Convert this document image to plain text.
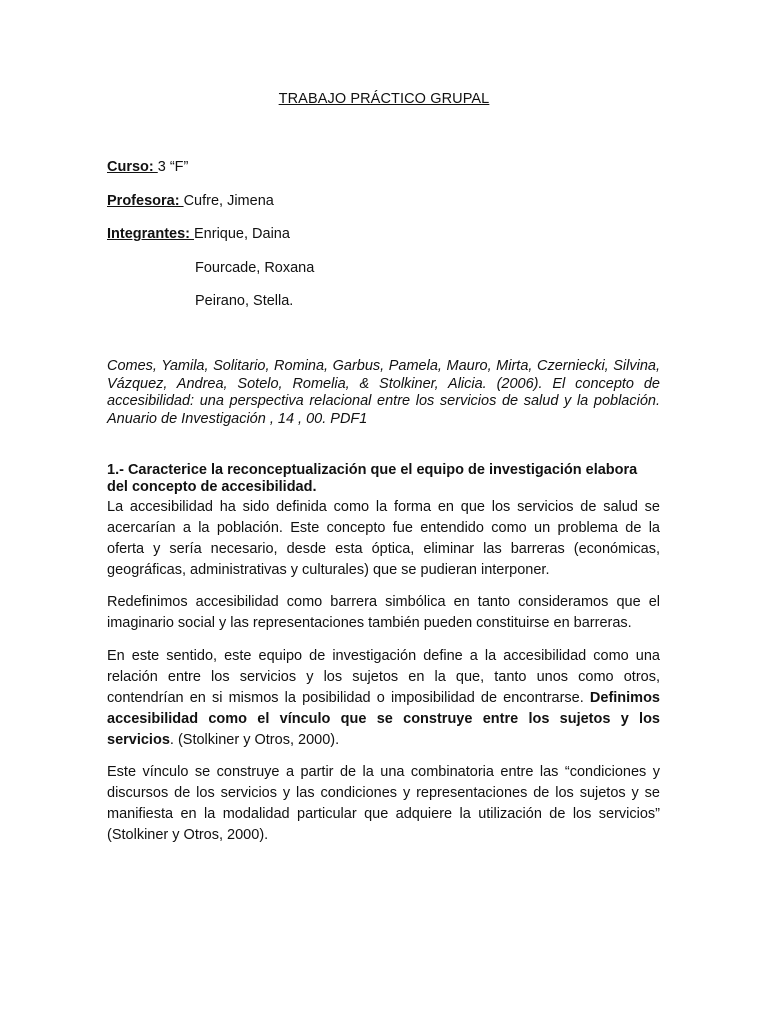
TRABAJO PRÁCTICO GRUPAL
Curso: 3 “F”
Profesora: Cufre, Jimena
Integrantes: Enrique, Daina
Fourcade, Roxana
Peirano, Stella.
Comes, Yamila, Solitario, Romina, Garbus, Pamela, Mauro, Mirta, Czerniecki, Silvina, Vázquez, Andrea, Sotelo, Romelia, & Stolkiner, Alicia. (2006). El concepto de accesibilidad: una perspectiva relacional entre los servicios de salud y la población. Anuario de Investigación , 14 , 00. PDF1
1.- Caracterice la reconceptualización que el equipo de investigación elabora del concepto de accesibilidad.

La accesibilidad ha sido definida como la forma en que los servicios de salud se acercarían a la población. Este concepto fue entendido como un problema de la oferta y sería necesario, desde esta óptica, eliminar las barreras (económicas, geográficas, administrativas y culturales) que se pudieran interponer.

Redefinimos accesibilidad como barrera simbólica en tanto consideramos que el imaginario social y las representaciones también pueden constituirse en barreras.

En este sentido, este equipo de investigación define a la accesibilidad como una relación entre los servicios y los sujetos en la que, tanto unos como otros, contendrían en si mismos la posibilidad o imposibilidad de encontrarse. Definimos accesibilidad como el vínculo que se construye entre los sujetos y los servicios. (Stolkiner y Otros, 2000).

Este vínculo se construye a partir de la una combinatoria entre las “condiciones y discursos de los servicios y las condiciones y representaciones de los sujetos y se manifiesta en la modalidad particular que adquiere la utilización de los servicios” (Stolkiner y Otros, 2000).
